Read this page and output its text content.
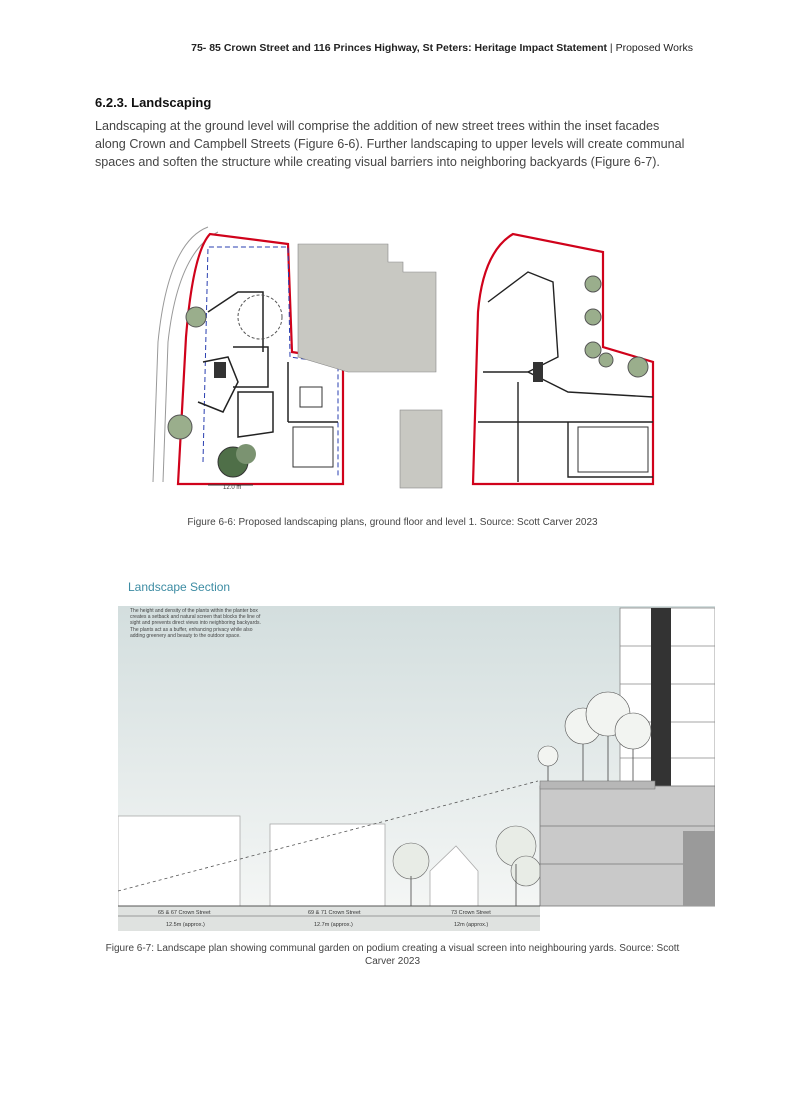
75- 85 Crown Street and 116 Princes Highway, St Peters: Heritage Impact Statement | Proposed Works
6.2.3. Landscaping
Landscaping at the ground level will comprise the addition of new street trees within the inset facades along Crown and Campbell Streets (Figure 6-6). Further landscaping to upper levels will create communal spaces and soften the structure while creating visual barriers into neighboring backyards (Figure 6-7).
12.0 m
Figure 6-6: Proposed landscaping plans, ground floor and level 1. Source: Scott Carver 2023
Landscape Section
65 & 67 Crown Street
12.5m (approx.)
69 & 71 Crown Street
12.7m (approx.)
73 Crown Street
12m (approx.)
The height and density of the plants within the planter box creates a setback and natural screen that blocks the line of sight and prevents direct views into neighboring backyards. The plants act as a buffer, enhancing privacy while also adding greenery and beauty to the outdoor space.
Figure 6-7: Landscape plan showing communal garden on podium creating a visual screen into neighbouring yards. Source: Scott Carver 2023
